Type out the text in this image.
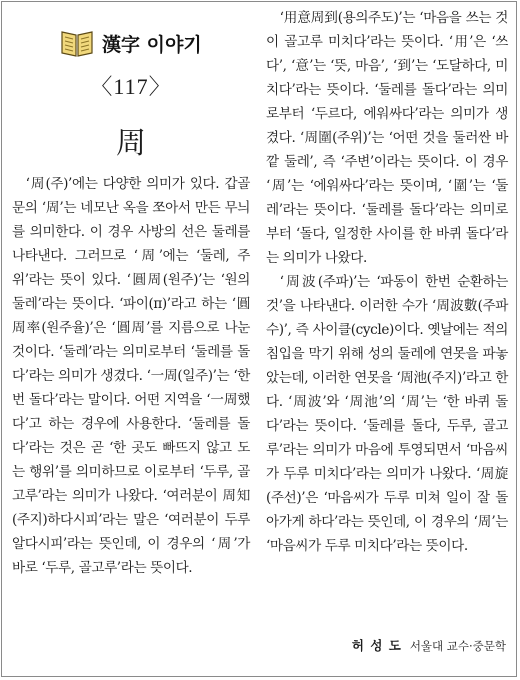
漢字 이야기
〈117〉
周

‘周(주)’에는 다양한 의미가 있다. 갑골문의 ‘周’는 네모난 옥을 쪼아서 만든 무늬를 의미한다. 이 경우 사방의 선은 둘레를 나타낸다. 그러므로 ‘周’에는 ‘둘레, 주위’라는 뜻이 있다. ‘圓周(원주)’는 ‘원의 둘레’라는 뜻이다. ‘파이(π)’라고 하는 ‘圓周率(원주율)’은 ‘圓周’를 지름으로 나눈 것이다. ‘둘레’라는 의미로부터 ‘둘레를 돌다’라는 의미가 생겼다. ‘一周(일주)’는 ‘한 번 돌다’라는 말이다. 어떤 지역을 ‘一周했다’고 하는 경우에 사용한다. ‘둘레를 돌다’라는 것은 곧 ‘한 곳도 빠뜨지 않고 도는 행위’를 의미하므로 이로부터 ‘두루, 골고루’라는 의미가 나왔다. ‘여러분이 周知(주지)하다시피’라는 말은 ‘여러분이 두루 알다시피’라는 뜻인데, 이 경우의 ‘周’가 바로 ‘두루, 골고루’라는 뜻이다.

‘用意周到(용의주도)’는 ‘마음을 쓰는 것이 골고루 미치다’라는 뜻이다. ‘用’은 ‘쓰다’, ‘意’는 ‘뜻, 마음’, ‘到’는 ‘도달하다, 미치다’라는 뜻이다. ‘둘레를 돌다’라는 의미로부터 ‘두르다, 에워싸다’라는 의미가 생겼다. ‘周圍(주위)’는 ‘어떤 것을 둘러싼 바깥 둘레’, 즉 ‘주변’이라는 뜻이다. 이 경우 ‘周’는 ‘에워싸다’라는 뜻이며, ‘圍’는 ‘둘레’라는 뜻이다. ‘둘레를 돌다’라는 의미로부터 ‘돌다, 일정한 사이를 한 바퀴 돌다’라는 의미가 나왔다.

‘周波(주파)’는 ‘파동이 한번 순환하는 것’을 나타낸다. 이러한 수가 ‘周波數(주파수)’, 즉 사이클(cycle)이다. 옛날에는 적의 침입을 막기 위해 성의 둘레에 연못을 파놓았는데, 이러한 연못을 ‘周池(주지)’라고 한다. ‘周波’와 ‘周池’의 ‘周’는 ‘한 바퀴 돌다’라는 뜻이다. ‘둘레를 돌다, 두루, 골고루’라는 의미가 마음에 투영되면서 ‘마음씨가 두루 미치다’라는 의미가 나왔다. ‘周旋(주선)’은 ‘마음씨가 두루 미쳐 일이 잘 돌아가게 하다’라는 뜻인데, 이 경우의 ‘周’는 ‘마음씨가 두루 미치다’라는 뜻이다.

허 성 도 서울대 교수·중문학
